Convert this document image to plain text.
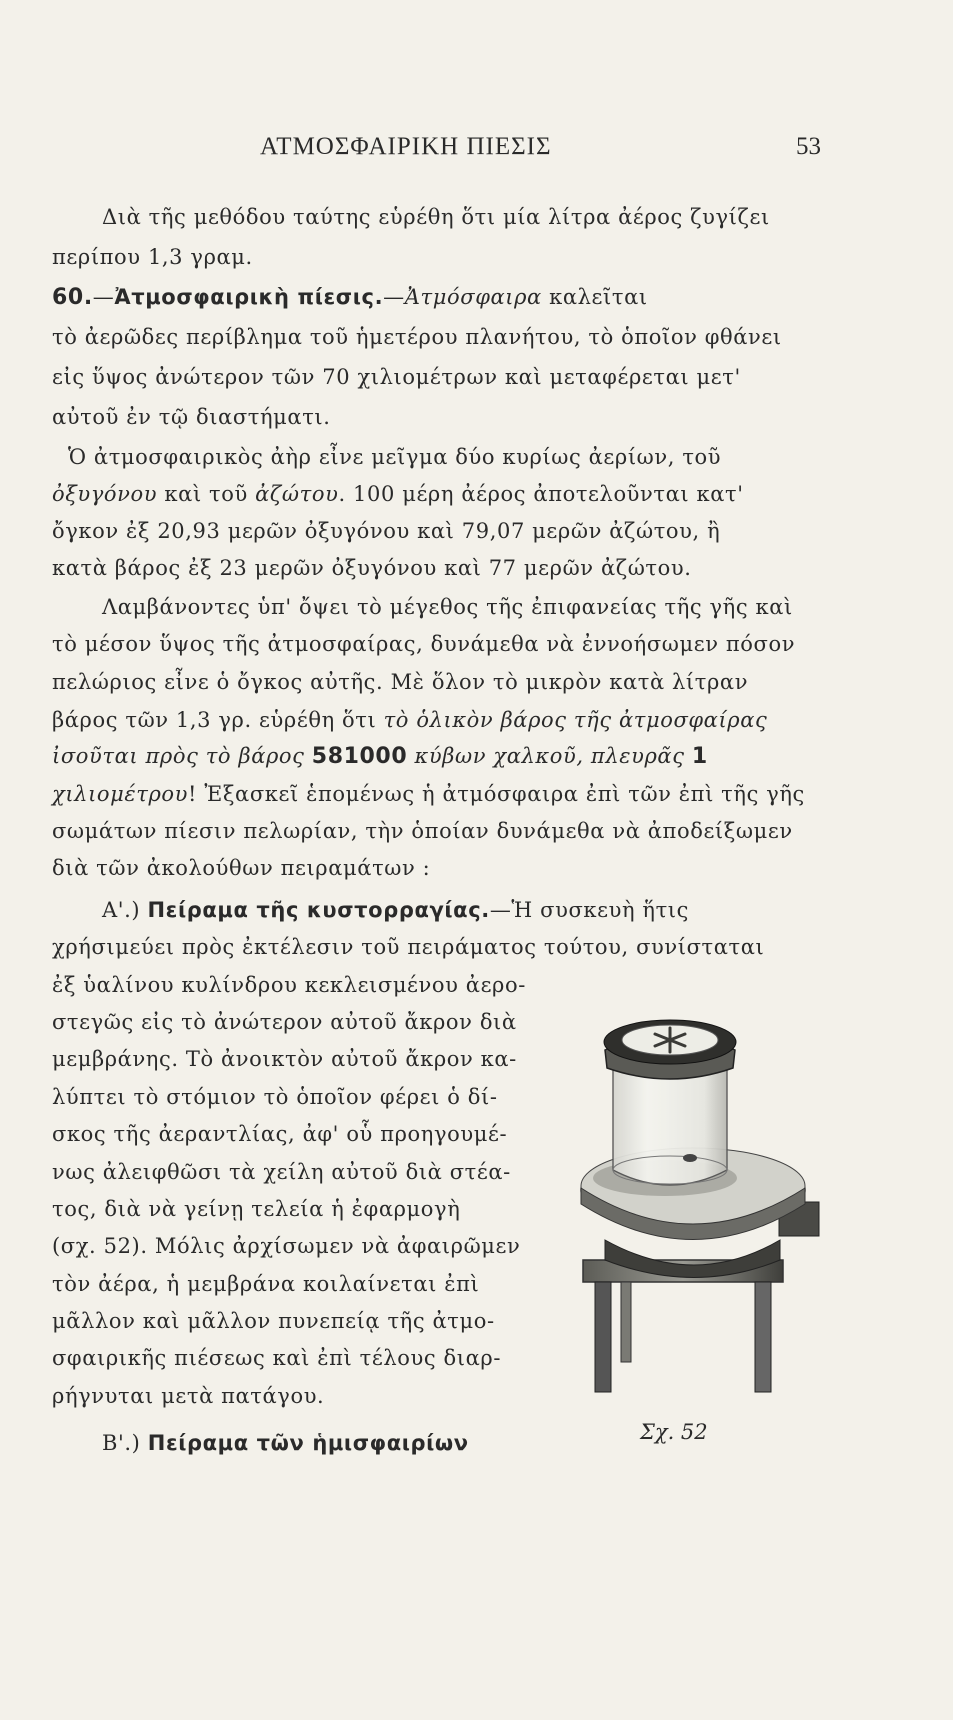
ΑΤΜΟΣΦΑΙΡΙΚΗ ΠΙΕΣΙΣ	53
Διὰ τῆς μεθόδου ταύτης εὑρέθη ὅτι μία λίτρα ἀέρος ζυγίζει
περίπου 1,3 γραμ.
60.—Ἀτμοσφαιρικὴ πίεσις.—Ἀτμόσφαιρα καλεῖται
τὸ ἀερῶδες περίβλημα τοῦ ἡμετέρου πλανήτου, τὸ ὁποῖον φθάνει
εἰς ὕψος ἀνώτερον τῶν 70 χιλιομέτρων καὶ μεταφέρεται μετ'
αὐτοῦ ἐν τῷ διαστήματι.
Ὁ ἀτμοσφαιρικὸς ἀὴρ εἶνε μεῖγμα δύο κυρίως ἀερίων, τοῦ
ὀξυγόνου καὶ τοῦ ἀζώτου. 100 μέρη ἀέρος ἀποτελοῦνται κατ'
ὄγκον ἐξ 20,93 μερῶν ὀξυγόνου καὶ 79,07 μερῶν ἀζώτου, ἢ
κατὰ βάρος ἐξ 23 μερῶν ὀξυγόνου καὶ 77 μερῶν ἀζώτου.
Λαμβάνοντες ὑπ' ὄψει τὸ μέγεθος τῆς ἐπιφανείας τῆς γῆς καὶ
τὸ μέσον ὕψος τῆς ἀτμοσφαίρας, δυνάμεθα νὰ ἐννοήσωμεν πόσον
πελώριος εἶνε ὁ ὄγκος αὐτῆς. Μὲ ὅλον τὸ μικρὸν κατὰ λίτραν
βάρος τῶν 1,3 γρ. εὑρέθη ὅτι τὸ ὁλικὸν βάρος τῆς ἀτμοσφαίρας
ἰσοῦται πρὸς τὸ βάρος 581000 κύβων χαλκοῦ, πλευρᾶς 1
χιλιομέτρου! Ἐξασκεῖ ἑπομένως ἡ ἀτμόσφαιρα ἐπὶ τῶν ἐπὶ τῆς γῆς
σωμάτων πίεσιν πελωρίαν, τὴν ὁποίαν δυνάμεθα νὰ ἀποδείξωμεν
διὰ τῶν ἀκολούθων πειραμάτων :
Α'.) Πείραμα τῆς κυστορραγίας.—Ἡ συσκευὴ ἥτις
χρήσιμεύει πρὸς ἐκτέλεσιν τοῦ πειράματος τούτου, συνίσταται
ἐξ ὑαλίνου κυλίνδρου κεκλεισμένου ἀερο-
στεγῶς εἰς τὸ ἀνώτερον αὐτοῦ ἄκρον διὰ
μεμβράνης. Τὸ ἀνοικτὸν αὐτοῦ ἄκρον κα-
λύπτει τὸ στόμιον τὸ ὁποῖον φέρει ὁ δί-
σκος τῆς ἀεραντλίας, ἀφ' οὗ προηγουμέ-
νως ἀλειφθῶσι τὰ χείλη αὐτοῦ διὰ στέα-
τος, διὰ νὰ γείνῃ τελεία ἡ ἐφαρμογὴ
(σχ. 52). Μόλις ἀρχίσωμεν νὰ ἀφαιρῶμεν
τὸν ἀέρα, ἡ μεμβράνα κοιλαίνεται ἐπὶ
μᾶλλον καὶ μᾶλλον πυνεπείᾳ τῆς ἀτμο-
σφαιρικῆς πιέσεως καὶ ἐπὶ τέλους διαρ-
ρήγνυται μετὰ πατάγου.
Β'.) Πείραμα τῶν ἡμισφαιρίων	Σχ. 52
